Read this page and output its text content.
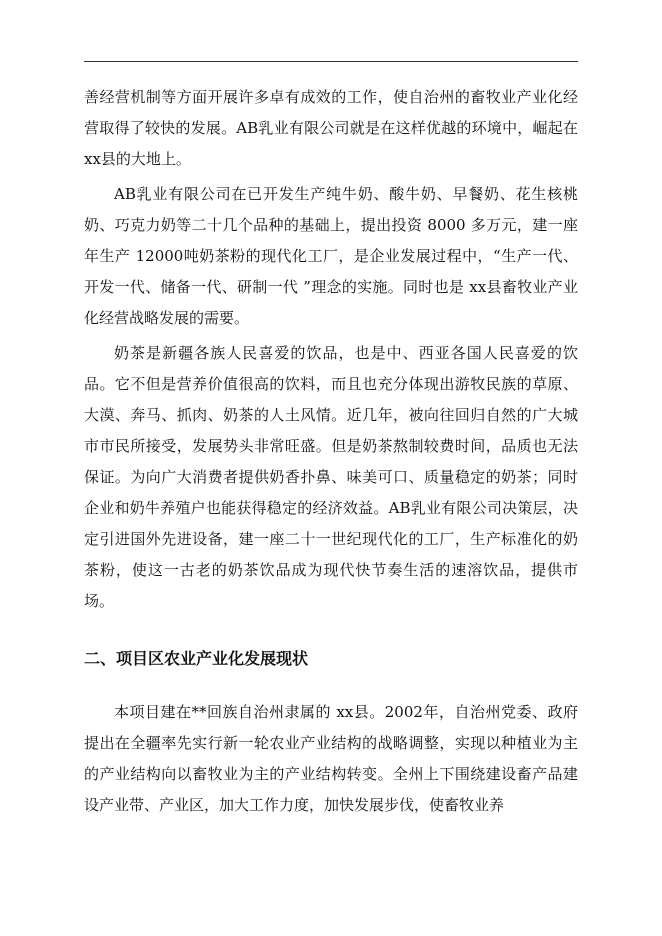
善经营机制等方面开展许多卓有成效的工作，使自治州的畜牧业产业化经营取得了较快的发展。AB乳业有限公司就是在这样优越的环境中，崛起在 xx县的大地上。

AB乳业有限公司在已开发生产纯牛奶、酸牛奶、早餐奶、花生核桃奶、巧克力奶等二十几个品种的基础上，提出投资 8000 多万元，建一座年生产 12000吨奶茶粉的现代化工厂，是企业发展过程中，“生产一代、开发一代、储备一代、研制一代 ”理念的实施。同时也是 xx县畜牧业产业化经营战略发展的需要。

奶茶是新疆各族人民喜爱的饮品，也是中、西亚各国人民喜爱的饮品。它不但是营养价值很高的饮料，而且也充分体现出游牧民族的草原、大漠、奔马、抓肉、奶茶的人土风情。近几年，被向往回归自然的广大城市市民所接受，发展势头非常旺盛。但是奶茶熬制较费时间，品质也无法保证。为向广大消费者提供奶香扑鼻、味美可口、质量稳定的奶茶；同时企业和奶牛养殖户也能获得稳定的经济效益。AB乳业有限公司决策层，决定引进国外先进设备，建一座二十一世纪现代化的工厂，生产标准化的奶茶粉，使这一古老的奶茶饮品成为现代快节奏生活的速溶饮品，提供市场。

二、项目区农业产业化发展现状

本项目建在**回族自治州隶属的 xx县。2002年，自治州党委、政府提出在全疆率先实行新一轮农业产业结构的战略调整，实现以种植业为主的产业结构向以畜牧业为主的产业结构转变。全州上下围绕建设畜产品建设产业带、产业区，加大工作力度，加快发展步伐，使畜牧业养
